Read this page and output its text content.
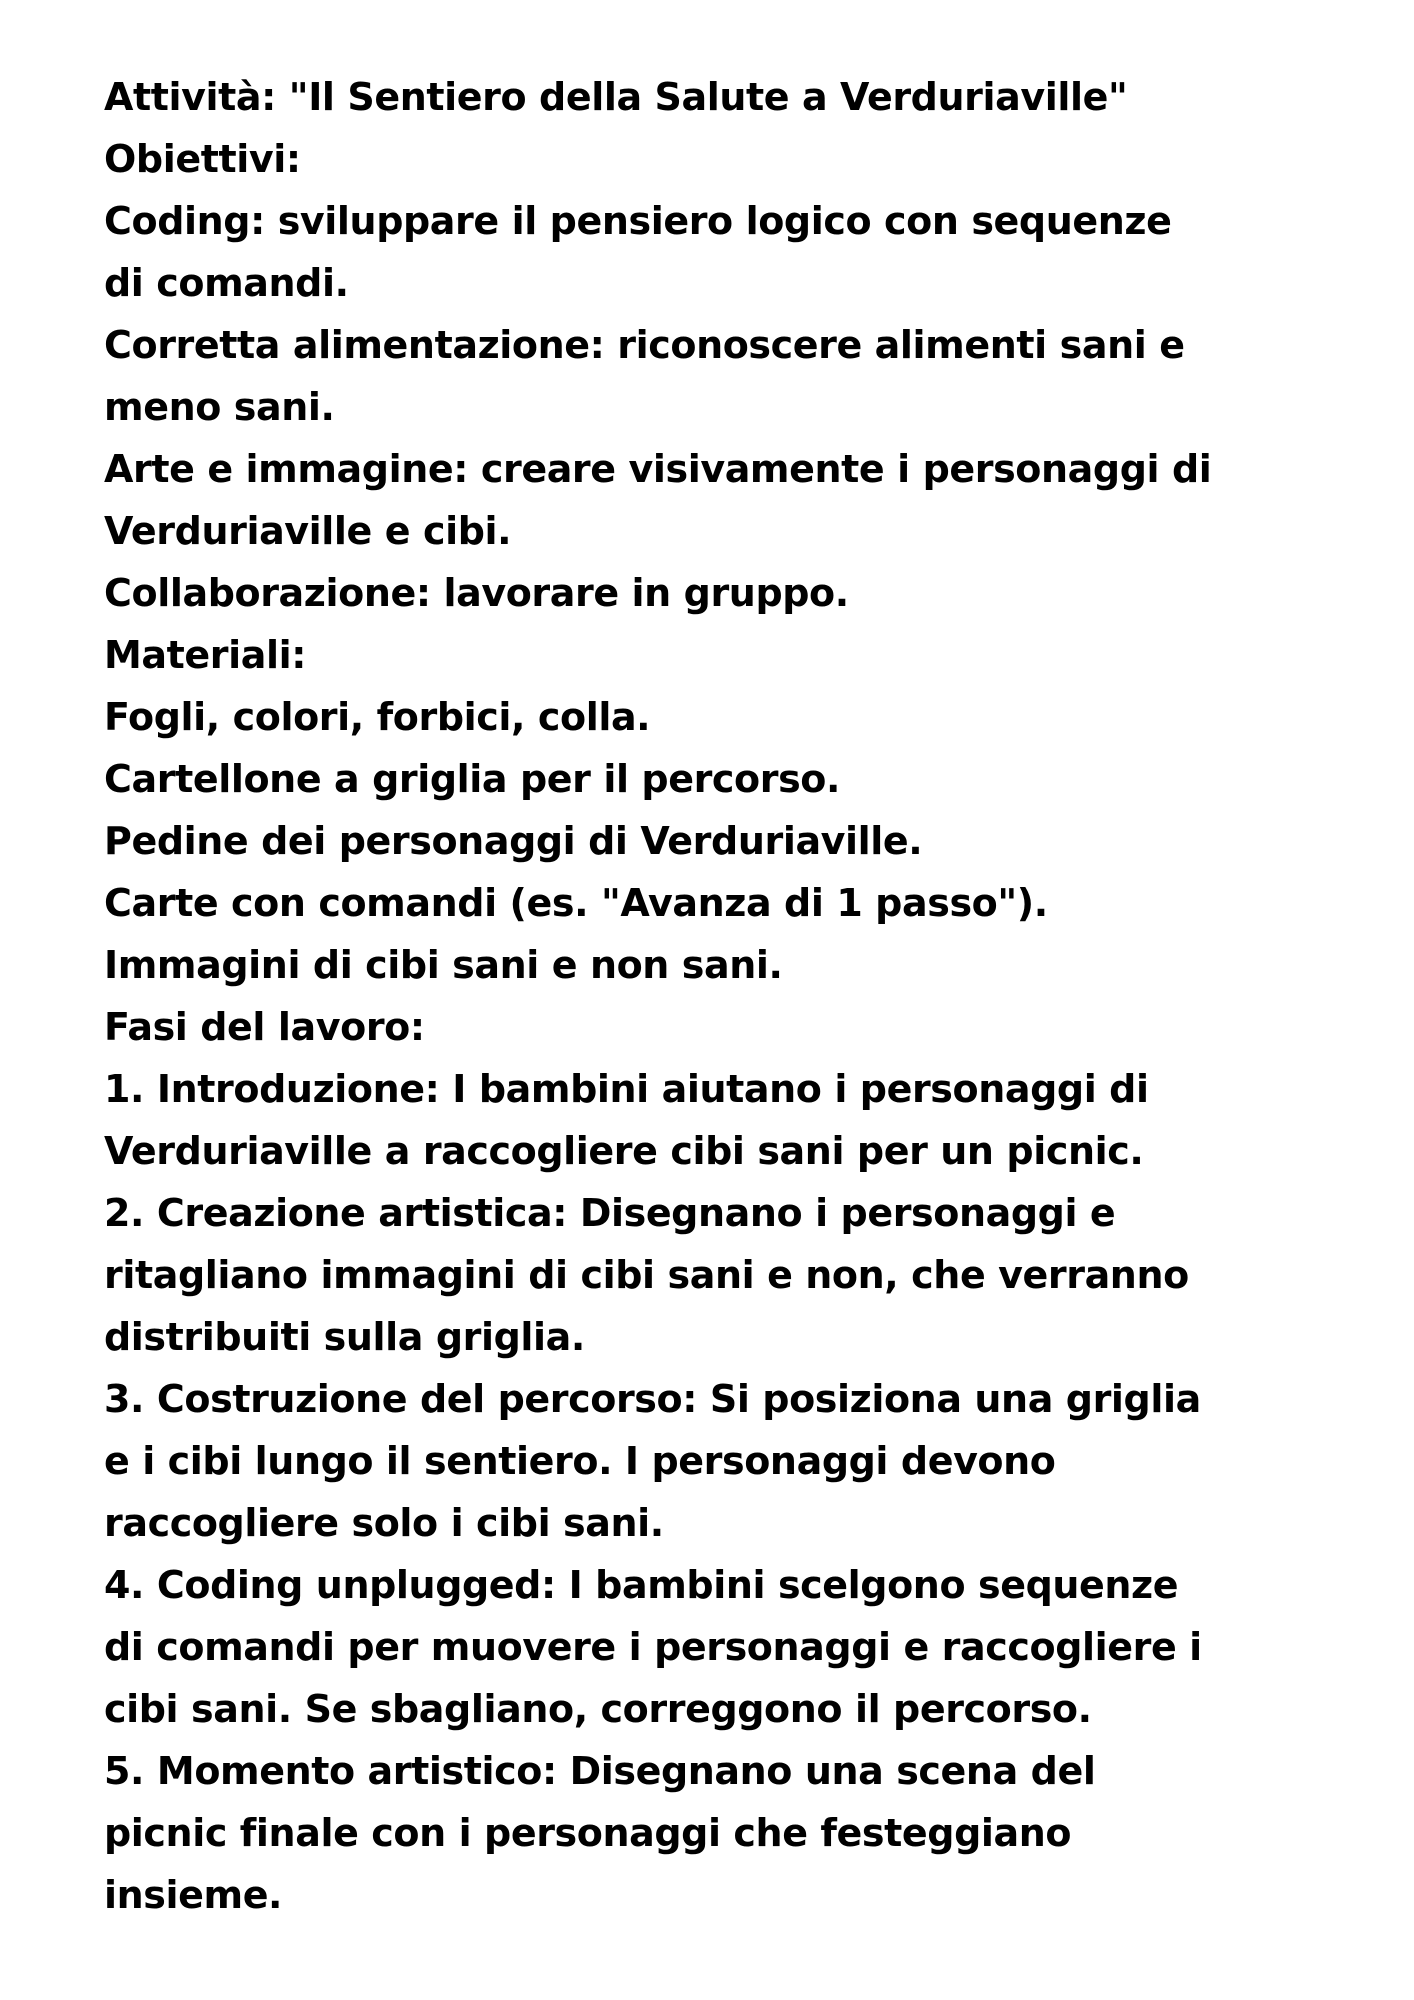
Attività: "Il Sentiero della Salute a Verduriaville"

Obiettivi:

Coding: sviluppare il pensiero logico con sequenze

di comandi.

Corretta alimentazione: riconoscere alimenti sani e

meno sani.

Arte e immagine: creare visivamente i personaggi di

Verduriaville e cibi.

Collaborazione: lavorare in gruppo.

Materiali:

Fogli, colori, forbici, colla.

Cartellone a griglia per il percorso.

Pedine dei personaggi di Verduriaville.

Carte con comandi (es. "Avanza di 1 passo").

Immagini di cibi sani e non sani.

Fasi del lavoro:

1. Introduzione: I bambini aiutano i personaggi di

Verduriaville a raccogliere cibi sani per un picnic.

2. Creazione artistica: Disegnano i personaggi e

ritagliano immagini di cibi sani e non, che verranno

distribuiti sulla griglia.

3. Costruzione del percorso: Si posiziona una griglia

e i cibi lungo il sentiero. I personaggi devono

raccogliere solo i cibi sani.

4. Coding unplugged: I bambini scelgono sequenze

di comandi per muovere i personaggi e raccogliere i

cibi sani. Se sbagliano, correggono il percorso.

5. Momento artistico: Disegnano una scena del

picnic finale con i personaggi che festeggiano

insieme.
